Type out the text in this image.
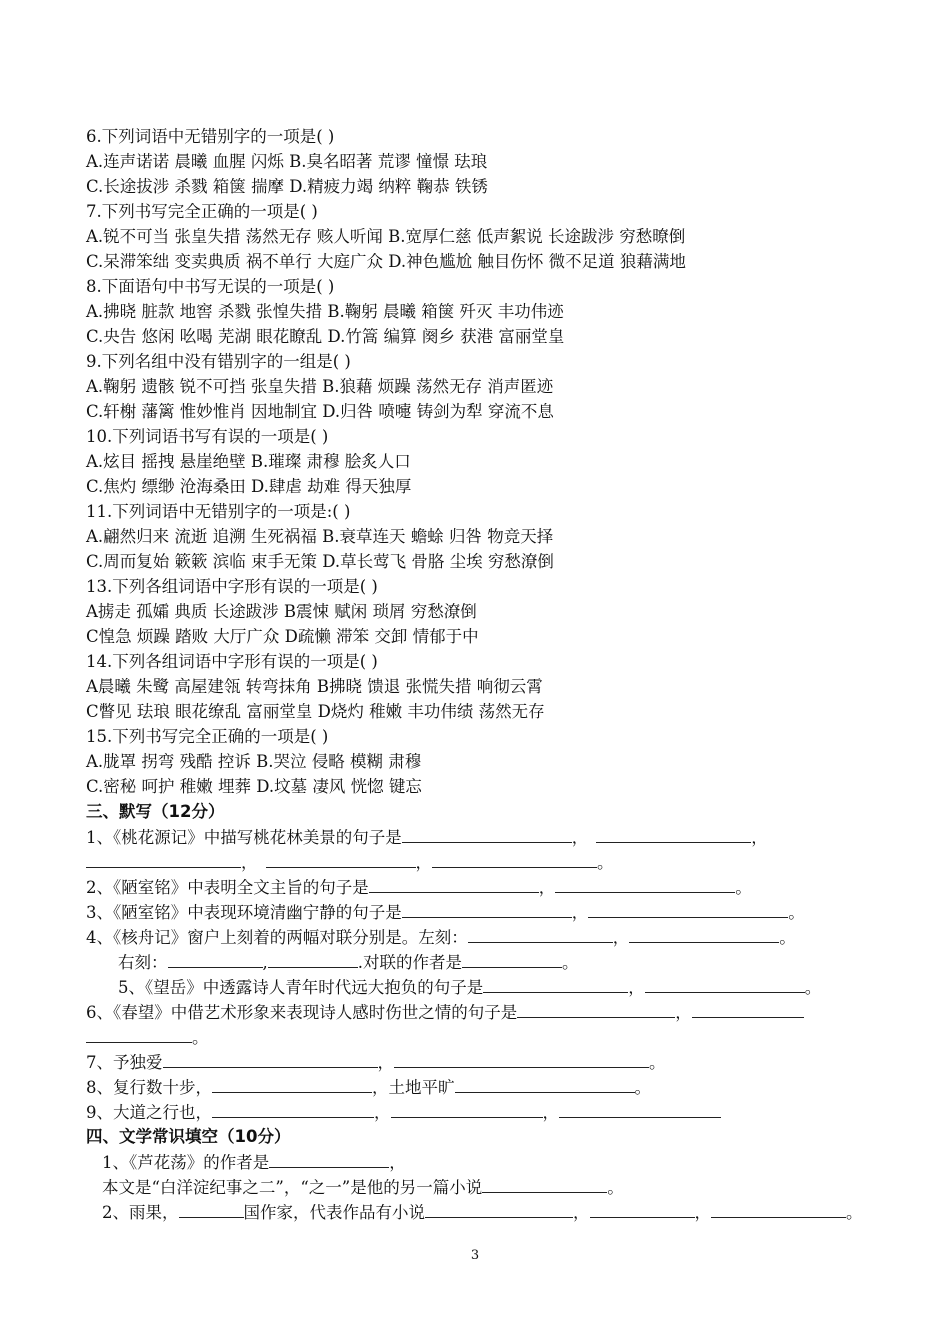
6.下列词语中无错别字的一项是( )
A.连声诺诺 晨曦 血腥 闪烁 B.臭名昭著 荒谬 憧憬 珐琅
C.长途拔涉 杀戮 箱箧 揣摩 D.精疲力竭 纳粹 鞠恭 铁锈
7.下列书写完全正确的一项是( )
A.锐不可当 张皇失措 荡然无存 赅人听闻 B.宽厚仁慈 低声絮说 长途跋涉 穷愁暸倒
C.呆滞笨绌 变卖典质 祸不单行 大庭广众 D.神色尴尬 触目伤怀 微不足道 狼藉满地
8.下面语句中书写无误的一项是( )
A.拂晓 脏款 地窖 杀戮 张惶失措 B.鞠躬 晨曦 箱箧 歼灭 丰功伟迹
C.央告 悠闲 吆喝 芜湖 眼花瞭乱 D.竹篙 编算 阕乡 获港 富丽堂皇
9.下列名组中没有错别字的一组是( )
A.鞠躬 遗骸 锐不可挡 张皇失措 B.狼藉 烦躁 荡然无存 消声匿迹
C.轩榭 藩篱 惟妙惟肖 因地制宜 D.归咎 喷嚏 铸剑为犁 穿流不息
10.下列词语书写有误的一项是( )
A.炫目 摇拽 悬崖绝壁 B.璀璨 肃穆 脍炙人口
C.焦灼 缥缈 沧海桑田 D.肆虐 劫难 得天独厚
11.下列词语中无错别字的一项是:( )
A.翩然归来 流逝 追溯 生死祸福 B.衰草连天 蟾蜍 归咎 物竞天择
C.周而复始 簌簌 滨临 束手无策 D.草长莺飞 骨胳 尘埃 穷愁潦倒
13.下列各组词语中字形有误的一项是( )
A掳走 孤孀 典质 长途跋涉 B震悚 赋闲 琐屑 穷愁潦倒
C惶急 烦躁 踏败 大厅广众 D疏懒 滞笨 交卸 情郁于中
14.下列各组词语中字形有误的一项是( )
A晨曦 朱鹭 高屋建瓴 转弯抹角 B拂晓 馈退 张慌失措 响彻云霄
C瞥见 珐琅 眼花缭乱 富丽堂皇 D烧灼 稚嫩 丰功伟绩 荡然无存
15.下列书写完全正确的一项是( )
A.胧罩 拐弯 残酷 控诉 B.哭泣 侵略 模糊 肃穆
C.密秘 呵护 稚嫩 埋葬 D.坟墓 凄风 恍惚 键忘
三、默写（12分）
1、《桃花源记》中描写桃花林美景的句子是	，	，
，	，	。
2、《陋室铭》中表明全文主旨的句子是	，	。
3、《陋室铭》中表现环境清幽宁静的句子是	，	。
4、《核舟记》窗户上刻着的两幅对联分别是。左刻：	，	。
右刻：	,	.对联的作者是	。
5、《望岳》中透露诗人青年时代远大抱负的句子是	，	。
6、《春望》中借艺术形象来表现诗人感时伤世之情的句子是	，
。
7、予独爱	，	。
8、复行数十步，	，土地平旷	。
9、大道之行也，	，	，
四、文学常识填空（10分）
1、《芦花荡》的作者是	，
本文是“白洋淀纪事之二”，“之一”是他的另一篇小说	。
2、雨果，	国作家，代表作品有小说	，	，	。
3
